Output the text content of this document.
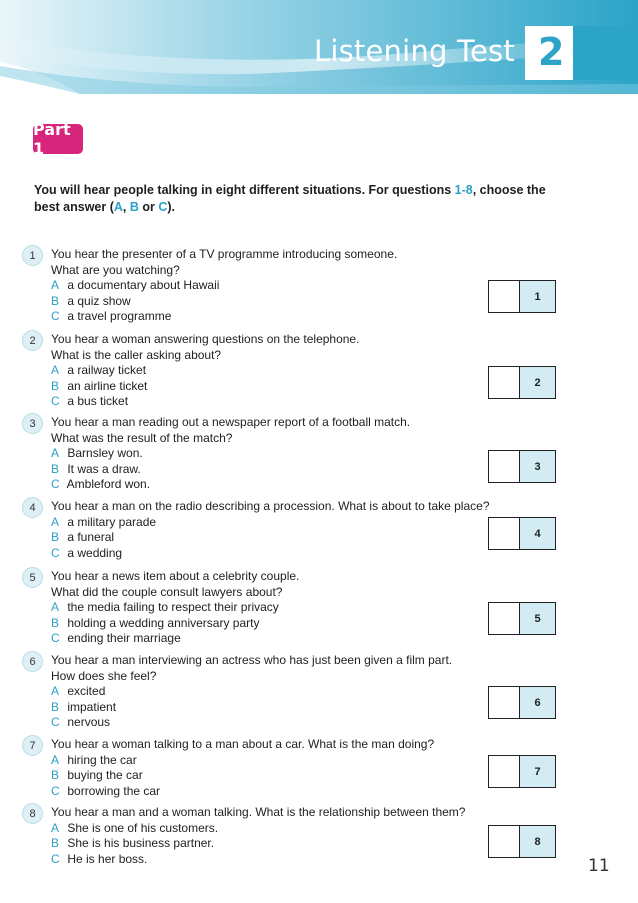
Listening Test 2
Part 1
You will hear people talking in eight different situations. For questions 1-8, choose the best answer (A, B or C).
1	You hear the presenter of a TV programme introducing someone.
What are you watching?
A a documentary about Hawaii
B a quiz show
C a travel programme
1
2	You hear a woman answering questions on the telephone.
What is the caller asking about?
A a railway ticket
B an airline ticket
C a bus ticket
2
3	You hear a man reading out a newspaper report of a football match.
What was the result of the match?
A Barnsley won.
B It was a draw.
C Ambleford won.
3
4	You hear a man on the radio describing a procession. What is about to take place?
A a military parade
B a funeral
C a wedding
4
5	You hear a news item about a celebrity couple.
What did the couple consult lawyers about?
A the media failing to respect their privacy
B holding a wedding anniversary party
C ending their marriage
5
6	You hear a man interviewing an actress who has just been given a film part.
How does she feel?
A excited
B impatient
C nervous
6
7	You hear a woman talking to a man about a car. What is the man doing?
A hiring the car
B buying the car
C borrowing the car
7
8	You hear a man and a woman talking. What is the relationship between them?
A She is one of his customers.
B She is his business partner.
C He is her boss.
8
11
